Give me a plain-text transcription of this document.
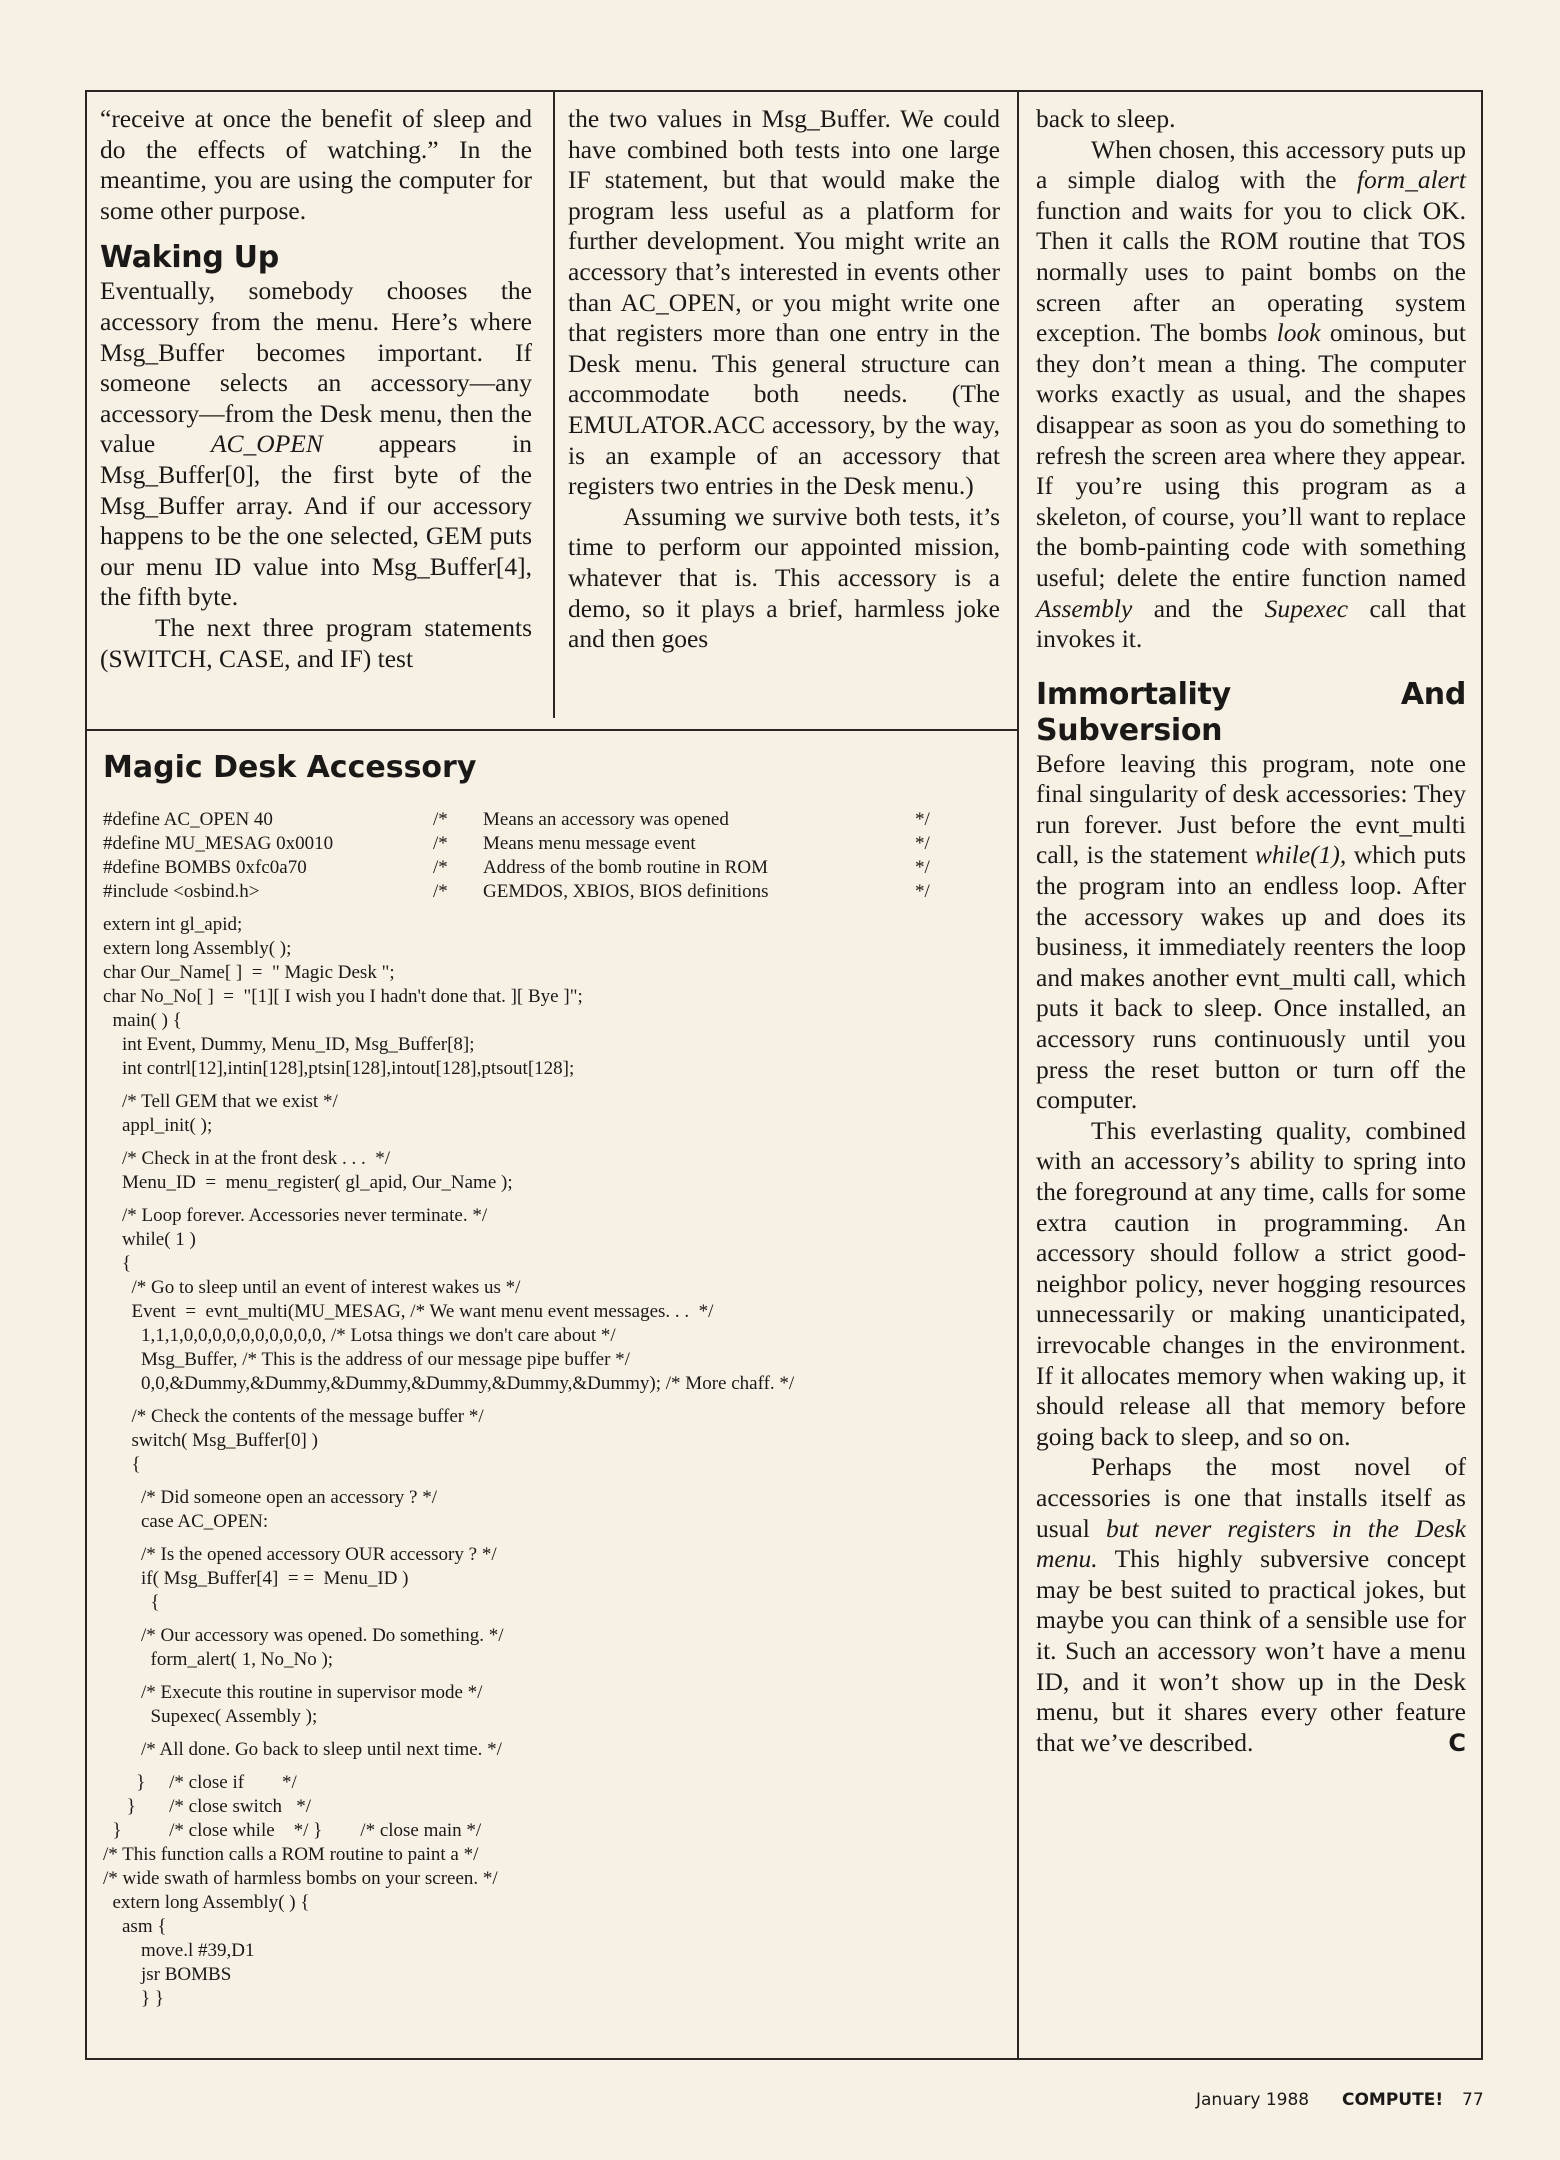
“receive at once the benefit of sleep and do the effects of watching.” In the meantime, you are using the computer for some other purpose.

Waking Up

Eventually, somebody chooses the accessory from the menu. Here’s where Msg_Buffer becomes important. If someone selects an accessory—any accessory—from the Desk menu, then the value AC_OPEN appears in Msg_Buffer[0], the first byte of the Msg_Buffer array. And if our accessory happens to be the one selected, GEM puts our menu ID value into Msg_Buffer[4], the fifth byte.

The next three program statements (SWITCH, CASE, and IF) test

the two values in Msg_Buffer. We could have combined both tests into one large IF statement, but that would make the program less useful as a platform for further development. You might write an accessory that’s interested in events other than AC_OPEN, or you might write one that registers more than one entry in the Desk menu. This general structure can accommodate both needs. (The EMULATOR.ACC accessory, by the way, is an example of an accessory that registers two entries in the Desk menu.)

Assuming we survive both tests, it’s time to perform our appointed mission, whatever that is. This accessory is a demo, so it plays a brief, harmless joke and then goes

back to sleep.

When chosen, this accessory puts up a simple dialog with the form_alert function and waits for you to click OK. Then it calls the ROM routine that TOS normally uses to paint bombs on the screen after an operating system exception. The bombs look ominous, but they don’t mean a thing. The computer works exactly as usual, and the shapes disappear as soon as you do something to refresh the screen area where they appear. If you’re using this program as a skeleton, of course, you’ll want to replace the bomb-painting code with something useful; delete the entire function named Assembly and the Supexec call that invokes it.

Immortality And Subversion

Before leaving this program, note one final singularity of desk accessories: They run forever. Just before the evnt_multi call, is the statement while(1), which puts the program into an endless loop. After the accessory wakes up and does its business, it immediately reenters the loop and makes another evnt_multi call, which puts it back to sleep. Once installed, an accessory runs continuously until you press the reset button or turn off the computer.

This everlasting quality, combined with an accessory’s ability to spring into the foreground at any time, calls for some extra caution in programming. An accessory should follow a strict good-neighbor policy, never hogging resources unnecessarily or making unanticipated, irrevocable changes in the environment. If it allocates memory when waking up, it should release all that memory before going back to sleep, and so on.

Perhaps the most novel of accessories is one that installs itself as usual but never registers in the Desk menu. This highly subversive concept may be best suited to practical jokes, but maybe you can think of a sensible use for it. Such an accessory won’t have a menu ID, and it won’t show up in the Desk menu, but it shares every other feature that we’ve described.	C

Magic Desk Accessory
#define AC_OPEN 40	/* Means an accessory was opened	*/
#define MU_MESAG 0x0010	/* Means menu message event	*/
#define BOMBS 0xfc0a70	/* Address of the bomb routine in ROM	*/
#include <osbind.h>	/* GEMDOS, XBIOS, BIOS definitions	*/
extern int gl_apid;
extern long Assembly( );
char Our_Name[ ]  =  " Magic Desk ";
char No_No[ ]  =  "[1][ I wish you I hadn't done that. ][ Bye ]";
main( ) {
int Event, Dummy, Menu_ID, Msg_Buffer[8];
int contrl[12],intin[128],ptsin[128],intout[128],ptsout[128];
/* Tell GEM that we exist */
appl_init( );
/* Check in at the front desk . . .  */
Menu_ID  =  menu_register( gl_apid, Our_Name );
/* Loop forever. Accessories never terminate. */
while( 1 )
{
/* Go to sleep until an event of interest wakes us */
Event  =  evnt_multi(MU_MESAG, /* We want menu event messages. . .  */
1,1,1,0,0,0,0,0,0,0,0,0,0, /* Lotsa things we don't care about */
Msg_Buffer, /* This is the address of our message pipe buffer */
0,0,&Dummy,&Dummy,&Dummy,&Dummy,&Dummy,&Dummy); /* More chaff. */
/* Check the contents of the message buffer */
switch( Msg_Buffer[0] )
{
/* Did someone open an accessory ? */
case AC_OPEN:
/* Is the opened accessory OUR accessory ? */
if( Msg_Buffer[4]  = =  Menu_ID )
{
/* Our accessory was opened. Do something. */
form_alert( 1, No_No );
/* Execute this routine in supervisor mode */
Supexec( Assembly );
/* All done. Go back to sleep until next time. */
}     /* close if        */
}       /* close switch   */
}          /* close while    */ }        /* close main */
/* This function calls a ROM routine to paint a */
/* wide swath of harmless bombs on your screen. */
extern long Assembly( ) {
asm {
move.l #39,D1
jsr BOMBS
} }
January 1988 COMPUTE! 77
